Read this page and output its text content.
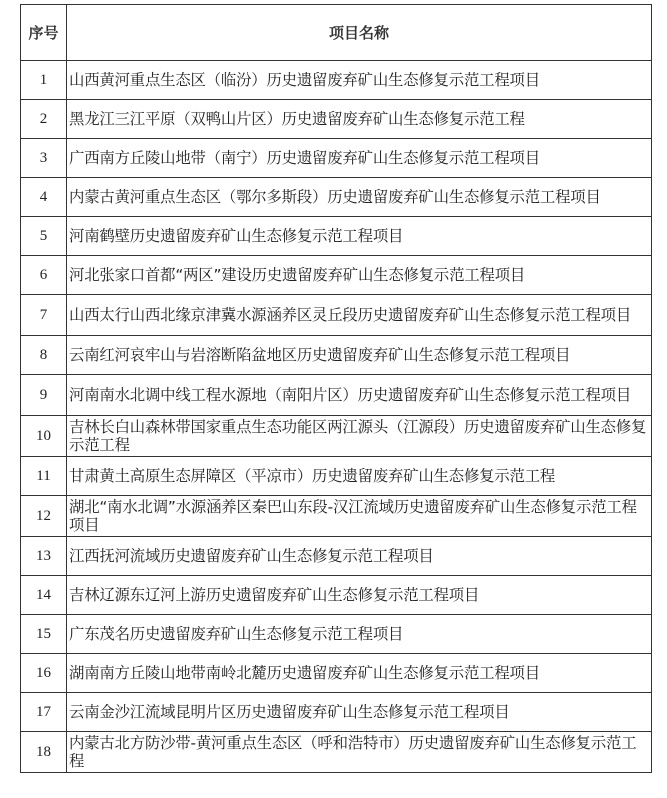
序号	项目名称
1	山西黄河重点生态区（临汾）历史遗留废弃矿山生态修复示范工程项目
2	黑龙江三江平原（双鸭山片区）历史遗留废弃矿山生态修复示范工程
3	广西南方丘陵山地带（南宁）历史遗留废弃矿山生态修复示范工程项目
4	内蒙古黄河重点生态区（鄂尔多斯段）历史遗留废弃矿山生态修复示范工程项目
5	河南鹤壁历史遗留废弃矿山生态修复示范工程项目
6	河北张家口首都“两区”建设历史遗留废弃矿山生态修复示范工程项目
7	山西太行山西北缘京津冀水源涵养区灵丘段历史遗留废弃矿山生态修复示范工程项目
8	云南红河哀牢山与岩溶断陷盆地区历史遗留废弃矿山生态修复示范工程项目
9	河南南水北调中线工程水源地（南阳片区）历史遗留废弃矿山生态修复示范工程项目
10	吉林长白山森林带国家重点生态功能区两江源头（江源段）历史遗留废弃矿山生态修复示范工程
11	甘肃黄土高原生态屏障区（平凉市）历史遗留废弃矿山生态修复示范工程
12	湖北“南水北调”水源涵养区秦巴山东段-汉江流域历史遗留废弃矿山生态修复示范工程项目
13	江西抚河流域历史遗留废弃矿山生态修复示范工程项目
14	吉林辽源东辽河上游历史遗留废弃矿山生态修复示范工程项目
15	广东茂名历史遗留废弃矿山生态修复示范工程项目
16	湖南南方丘陵山地带南岭北麓历史遗留废弃矿山生态修复示范工程项目
17	云南金沙江流域昆明片区历史遗留废弃矿山生态修复示范工程项目
18	内蒙古北方防沙带-黄河重点生态区（呼和浩特市）历史遗留废弃矿山生态修复示范工程
